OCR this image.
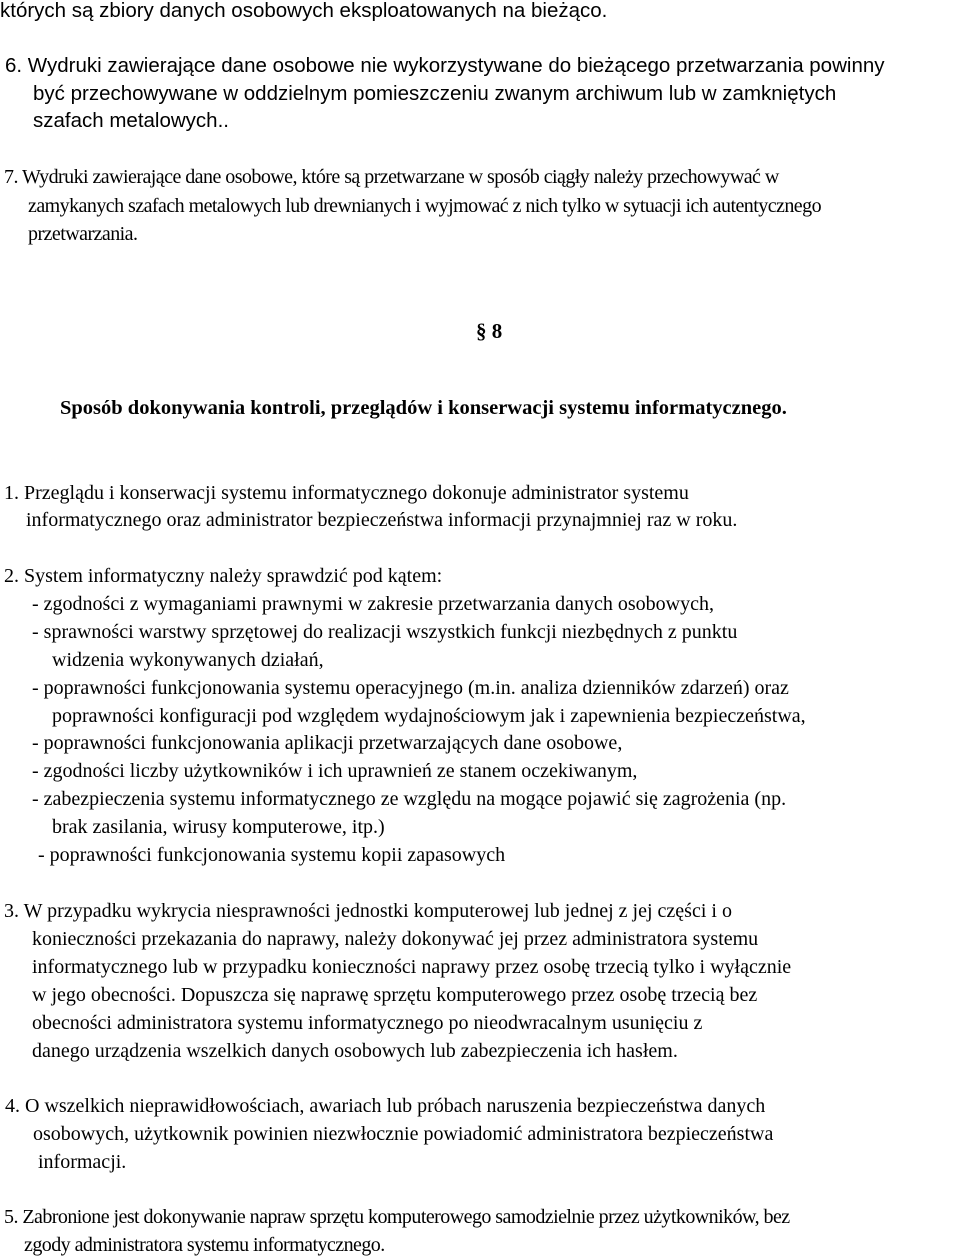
których są zbiory danych osobowych eksploatowanych na bieżąco.
6. Wydruki zawierające dane osobowe nie wykorzystywane do bieżącego przetwarzania powinny
być przechowywane w oddzielnym pomieszczeniu zwanym archiwum lub w zamkniętych
szafach metalowych..
7. Wydruki zawierające dane osobowe, które są przetwarzane w sposób ciągły należy przechowywać w
zamykanych szafach metalowych lub drewnianych i wyjmować z nich tylko w sytuacji ich autentycznego
przetwarzania.
§ 8
Sposób dokonywania kontroli, przeglądów i konserwacji systemu informatycznego.
1. Przeglądu i konserwacji systemu informatycznego dokonuje administrator systemu
informatycznego oraz administrator bezpieczeństwa informacji przynajmniej raz w roku.
2. System informatyczny należy sprawdzić pod kątem:
- zgodności z wymaganiami prawnymi w zakresie przetwarzania danych osobowych,
- sprawności warstwy sprzętowej do realizacji wszystkich funkcji niezbędnych z punktu
widzenia wykonywanych działań,
- poprawności funkcjonowania systemu operacyjnego (m.in. analiza dzienników zdarzeń) oraz
poprawności konfiguracji pod względem wydajnościowym jak i zapewnienia bezpieczeństwa,
- poprawności funkcjonowania aplikacji przetwarzających dane osobowe,
- zgodności liczby użytkowników i ich uprawnień ze stanem oczekiwanym,
- zabezpieczenia systemu informatycznego ze względu na mogące pojawić się zagrożenia (np.
brak zasilania, wirusy komputerowe, itp.)
- poprawności funkcjonowania systemu kopii zapasowych
3. W przypadku wykrycia niesprawności jednostki komputerowej lub jednej z jej części i o
konieczności przekazania do naprawy, należy dokonywać jej przez administratora systemu
informatycznego lub w przypadku konieczności naprawy przez osobę trzecią tylko i wyłącznie
w jego obecności. Dopuszcza się naprawę sprzętu komputerowego przez osobę trzecią bez
obecności administratora systemu informatycznego po nieodwracalnym usunięciu z
danego urządzenia wszelkich danych osobowych lub zabezpieczenia ich hasłem.
4. O wszelkich nieprawidłowościach, awariach lub próbach naruszenia bezpieczeństwa danych
osobowych, użytkownik powinien niezwłocznie powiadomić administratora bezpieczeństwa
informacji.
5. Zabronione jest dokonywanie napraw sprzętu komputerowego samodzielnie przez użytkowników, bez
zgody administratora systemu informatycznego.
